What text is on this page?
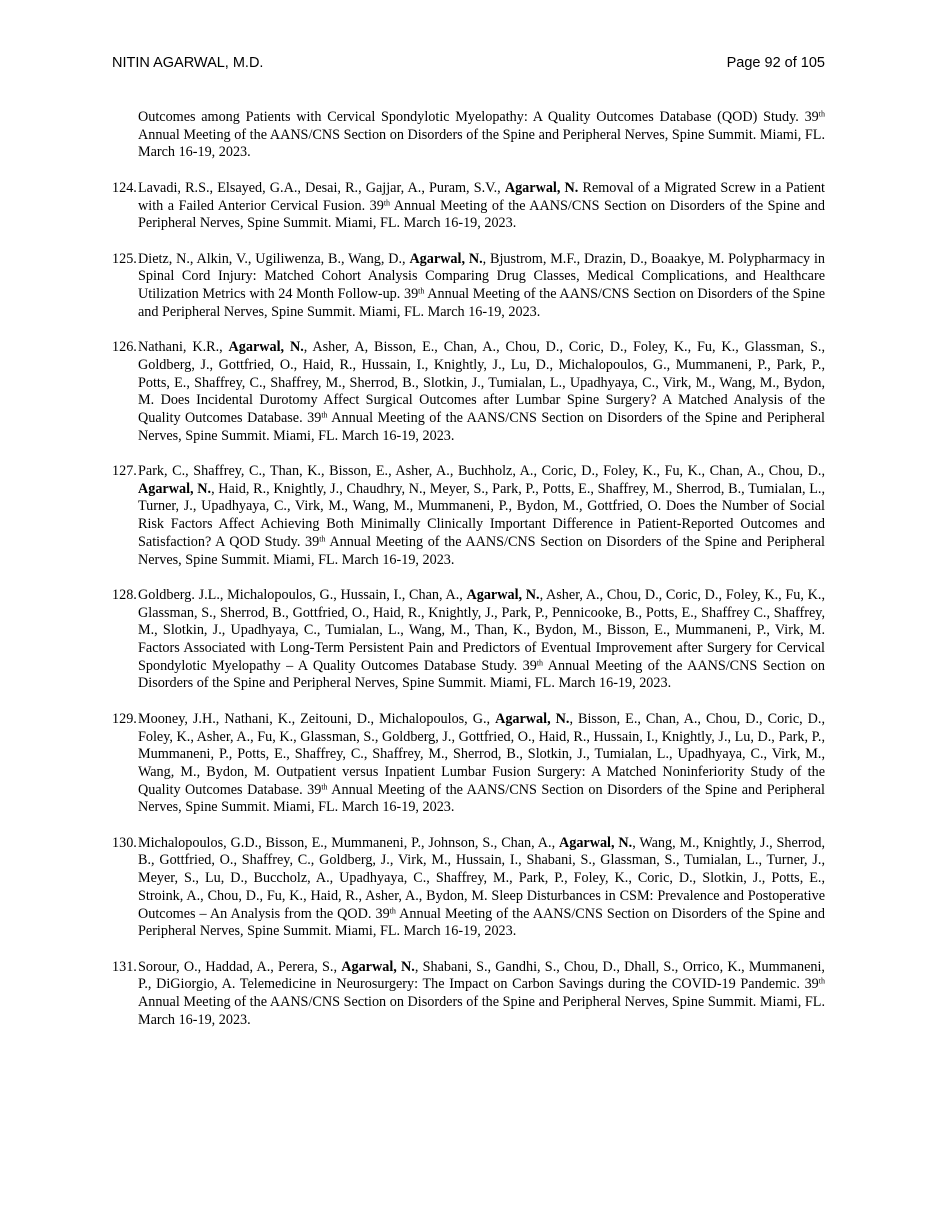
NITIN AGARWAL, M.D.	Page 92 of 105
Outcomes among Patients with Cervical Spondylotic Myelopathy: A Quality Outcomes Database (QOD) Study. 39th Annual Meeting of the AANS/CNS Section on Disorders of the Spine and Peripheral Nerves, Spine Summit. Miami, FL. March 16-19, 2023.
124. Lavadi, R.S., Elsayed, G.A., Desai, R., Gajjar, A., Puram, S.V., Agarwal, N. Removal of a Migrated Screw in a Patient with a Failed Anterior Cervical Fusion. 39th Annual Meeting of the AANS/CNS Section on Disorders of the Spine and Peripheral Nerves, Spine Summit. Miami, FL. March 16-19, 2023.
125. Dietz, N., Alkin, V., Ugiliwenza, B., Wang, D., Agarwal, N., Bjustrom, M.F., Drazin, D., Boaakye, M. Polypharmacy in Spinal Cord Injury: Matched Cohort Analysis Comparing Drug Classes, Medical Complications, and Healthcare Utilization Metrics with 24 Month Follow-up. 39th Annual Meeting of the AANS/CNS Section on Disorders of the Spine and Peripheral Nerves, Spine Summit. Miami, FL. March 16-19, 2023.
126. Nathani, K.R., Agarwal, N., Asher, A, Bisson, E., Chan, A., Chou, D., Coric, D., Foley, K., Fu, K., Glassman, S., Goldberg, J., Gottfried, O., Haid, R., Hussain, I., Knightly, J., Lu, D., Michalopoulos, G., Mummaneni, P., Park, P., Potts, E., Shaffrey, C., Shaffrey, M., Sherrod, B., Slotkin, J., Tumialan, L., Upadhyaya, C., Virk, M., Wang, M., Bydon, M. Does Incidental Durotomy Affect Surgical Outcomes after Lumbar Spine Surgery? A Matched Analysis of the Quality Outcomes Database. 39th Annual Meeting of the AANS/CNS Section on Disorders of the Spine and Peripheral Nerves, Spine Summit. Miami, FL. March 16-19, 2023.
127. Park, C., Shaffrey, C., Than, K., Bisson, E., Asher, A., Buchholz, A., Coric, D., Foley, K., Fu, K., Chan, A., Chou, D., Agarwal, N., Haid, R., Knightly, J., Chaudhry, N., Meyer, S., Park, P., Potts, E., Shaffrey, M., Sherrod, B., Tumialan, L., Turner, J., Upadhyaya, C., Virk, M., Wang, M., Mummaneni, P., Bydon, M., Gottfried, O. Does the Number of Social Risk Factors Affect Achieving Both Minimally Clinically Important Difference in Patient-Reported Outcomes and Satisfaction? A QOD Study. 39th Annual Meeting of the AANS/CNS Section on Disorders of the Spine and Peripheral Nerves, Spine Summit. Miami, FL. March 16-19, 2023.
128. Goldberg. J.L., Michalopoulos, G., Hussain, I., Chan, A., Agarwal, N., Asher, A., Chou, D., Coric, D., Foley, K., Fu, K., Glassman, S., Sherrod, B., Gottfried, O., Haid, R., Knightly, J., Park, P., Pennicooke, B., Potts, E., Shaffrey C., Shaffrey, M., Slotkin, J., Upadhyaya, C., Tumialan, L., Wang, M., Than, K., Bydon, M., Bisson, E., Mummaneni, P., Virk, M. Factors Associated with Long-Term Persistent Pain and Predictors of Eventual Improvement after Surgery for Cervical Spondylotic Myelopathy – A Quality Outcomes Database Study. 39th Annual Meeting of the AANS/CNS Section on Disorders of the Spine and Peripheral Nerves, Spine Summit. Miami, FL. March 16-19, 2023.
129. Mooney, J.H., Nathani, K., Zeitouni, D., Michalopoulos, G., Agarwal, N., Bisson, E., Chan, A., Chou, D., Coric, D., Foley, K., Asher, A., Fu, K., Glassman, S., Goldberg, J., Gottfried, O., Haid, R., Hussain, I., Knightly, J., Lu, D., Park, P., Mummaneni, P., Potts, E., Shaffrey, C., Shaffrey, M., Sherrod, B., Slotkin, J., Tumialan, L., Upadhyaya, C., Virk, M., Wang, M., Bydon, M. Outpatient versus Inpatient Lumbar Fusion Surgery: A Matched Noninferiority Study of the Quality Outcomes Database. 39th Annual Meeting of the AANS/CNS Section on Disorders of the Spine and Peripheral Nerves, Spine Summit. Miami, FL. March 16-19, 2023.
130. Michalopoulos, G.D., Bisson, E., Mummaneni, P., Johnson, S., Chan, A., Agarwal, N., Wang, M., Knightly, J., Sherrod, B., Gottfried, O., Shaffrey, C., Goldberg, J., Virk, M., Hussain, I., Shabani, S., Glassman, S., Tumialan, L., Turner, J., Meyer, S., Lu, D., Buccholz, A., Upadhyaya, C., Shaffrey, M., Park, P., Foley, K., Coric, D., Slotkin, J., Potts, E., Stroink, A., Chou, D., Fu, K., Haid, R., Asher, A., Bydon, M. Sleep Disturbances in CSM: Prevalence and Postoperative Outcomes – An Analysis from the QOD. 39th Annual Meeting of the AANS/CNS Section on Disorders of the Spine and Peripheral Nerves, Spine Summit. Miami, FL. March 16-19, 2023.
131. Sorour, O., Haddad, A., Perera, S., Agarwal, N., Shabani, S., Gandhi, S., Chou, D., Dhall, S., Orrico, K., Mummaneni, P., DiGiorgio, A. Telemedicine in Neurosurgery: The Impact on Carbon Savings during the COVID-19 Pandemic. 39th Annual Meeting of the AANS/CNS Section on Disorders of the Spine and Peripheral Nerves, Spine Summit. Miami, FL. March 16-19, 2023.
